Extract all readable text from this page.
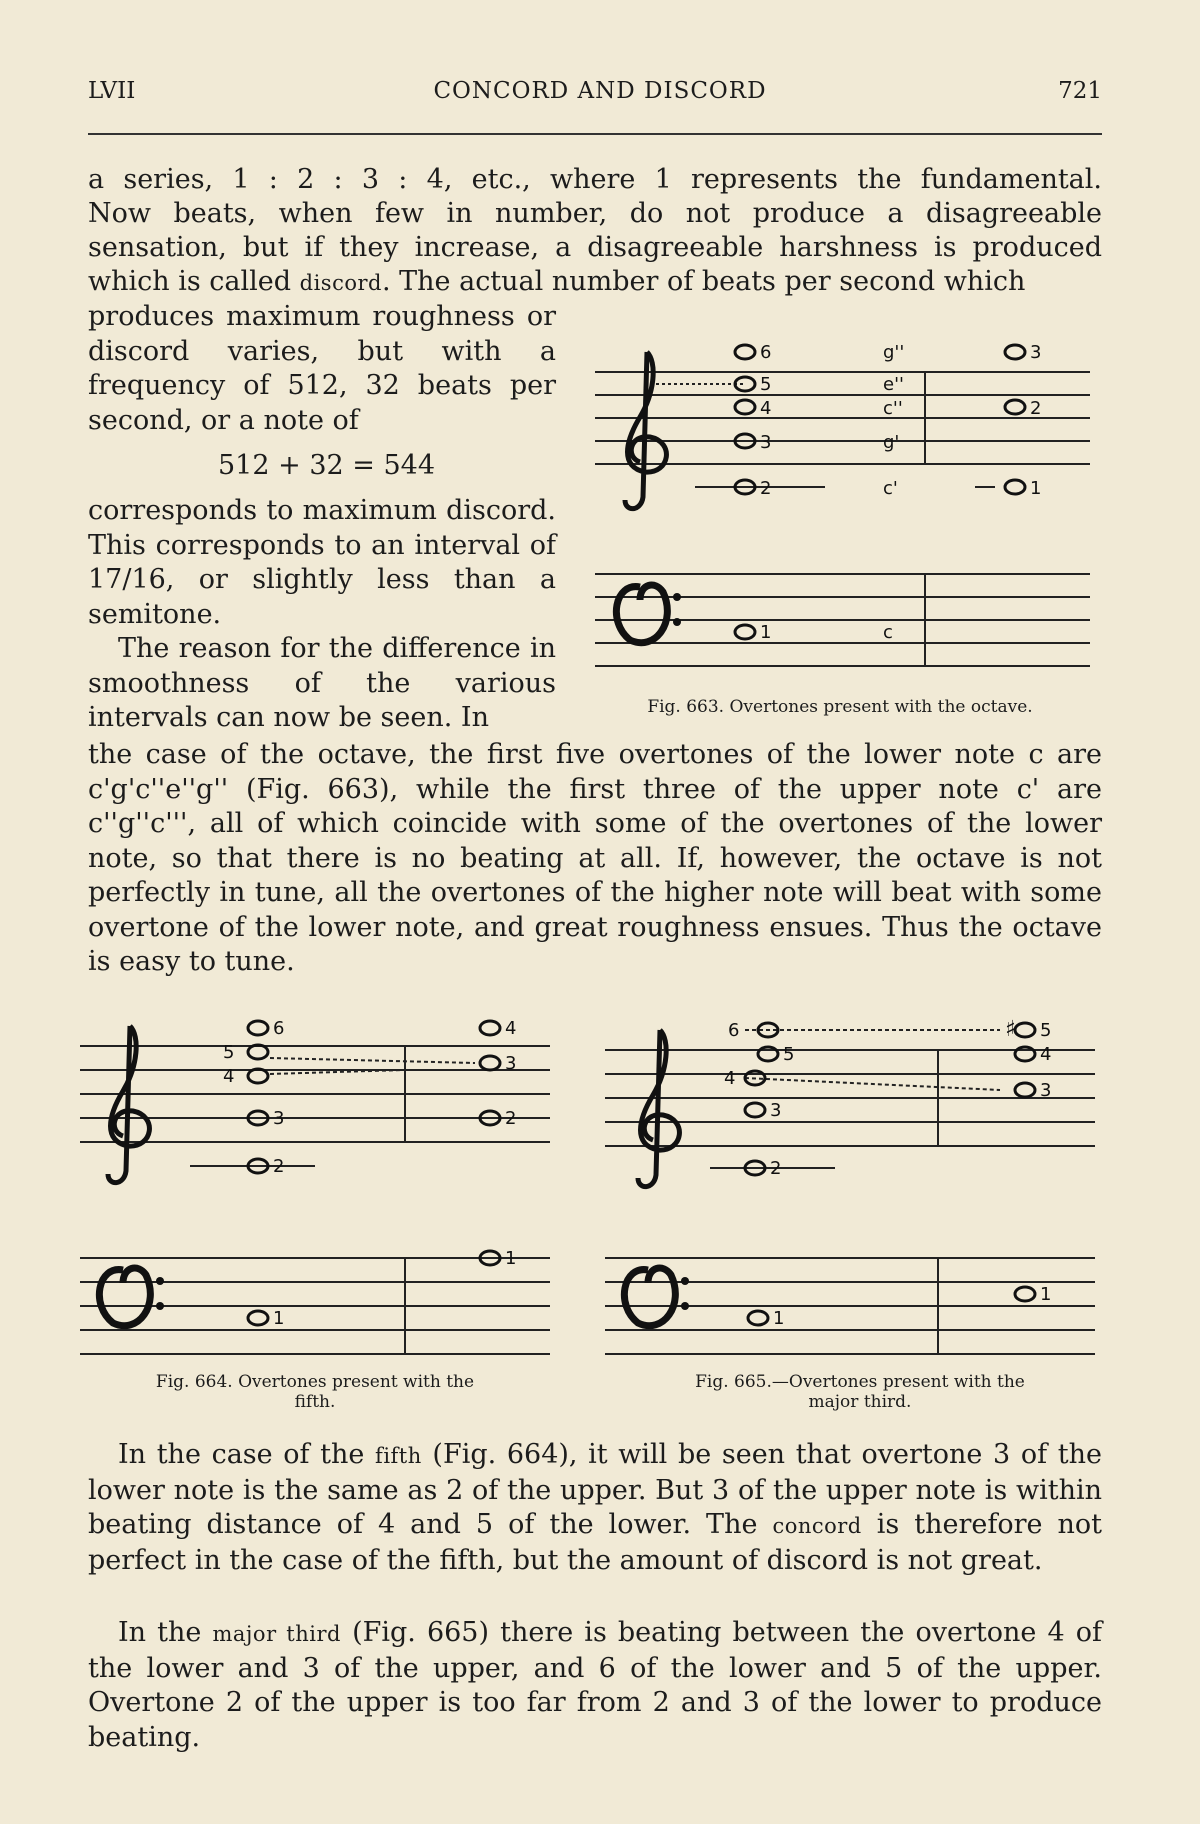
LVII	CONCORD AND DISCORD	721
a series, 1 : 2 : 3 : 4, etc., where 1 represents the fundamental.
Now beats, when few in number, do not produce a disagreeable
sensation, but if they increase, a disagreeable harshness is produced
which is called discord. The actual number of beats per second which
produces maximum roughness or discord varies, but with a frequency of 512, 32 beats per second, or a note of
512 + 32 = 544
corresponds to maximum discord. This corresponds to an interval of 17/16, or slightly less than a semitone.
The reason for the difference in smoothness of the various intervals can now be seen. In
6
5
4
3
2
1
g''
e''
c''
g'
c'
c
3
2
1
Fig. 663. Overtones present with the octave.
the case of the octave, the first five overtones of the lower note c are c'g'c''e''g'' (Fig. 663), while the first three of the upper note c' are c''g''c''', all of which coincide with some of the overtones of the lower note, so that there is no beating at all. If, however, the octave is not perfectly in tune, all the overtones of the higher note will beat with some overtone of the lower note, and great roughness ensues. Thus the octave is easy to tune.
6
5
4
3
2
1
4
3
2
1
Fig. 664. Overtones present with the
fifth.
♯
6
5
4
3
2
1
5
4
3
1
Fig. 665.—Overtones present with the
major third.
In the case of the fifth (Fig. 664), it will be seen that overtone 3 of the lower note is the same as 2 of the upper. But 3 of the upper note is within beating distance of 4 and 5 of the lower. The concord is therefore not perfect in the case of the fifth, but the amount of discord is not great.
In the major third (Fig. 665) there is beating between the overtone 4 of the lower and 3 of the upper, and 6 of the lower and 5 of the upper. Overtone 2 of the upper is too far from 2 and 3 of the lower to produce beating.
